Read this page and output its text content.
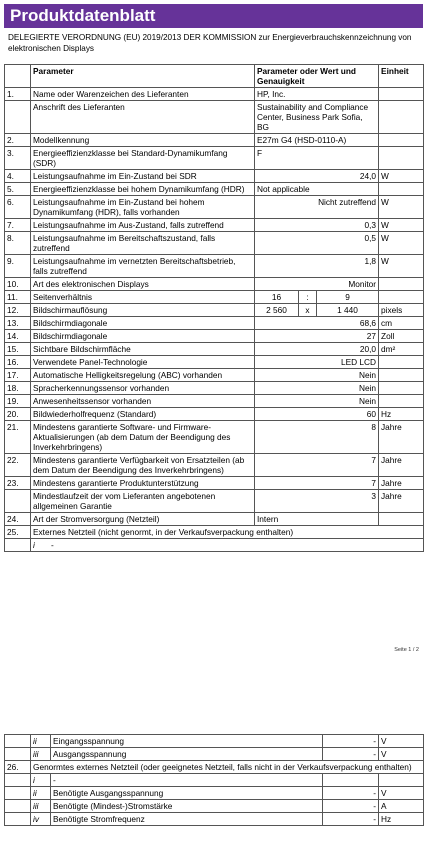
Produktdatenblatt
DELEGIERTE VERORDNUNG (EU) 2019/2013 DER KOMMISSION zur Energieverbrauchskennzeichnung von elektronischen Displays
	Parameter	Parameter oder Wert und Genauigkeit			Einheit
1.	Name oder Warenzeichen des Lieferanten	HP, Inc.			
	Anschrift des Lieferanten	Sustainability and Compliance Center, Business Park Sofia, BG			
2.	Modellkennung	E27m G4 (HSD-0110-A)			
3.	Energieeffizienzklasse bei Standard-Dynamikumfang (SDR)	F			
4.	Leistungsaufnahme im Ein-Zustand bei SDR	24,0			W
5.	Energieeffizienzklasse bei hohem Dynamikumfang (HDR)	Not applicable			
6.	Leistungsaufnahme im Ein-Zustand bei hohem Dynamikumfang (HDR), falls vorhanden	Nicht zutreffend			W
7.	Leistungsaufnahme im Aus-Zustand, falls zutreffend	0,3			W
8.	Leistungsaufnahme im Bereitschaftszustand, falls zutreffend	0,5			W
9.	Leistungsaufnahme im vernetzten Bereitschaftsbetrieb, falls zutreffend	1,8			W
10.	Art des elektronischen Displays	Monitor			
11.	Seitenverhältnis	16	:	9	
12.	Bildschirmauflösung	2 560	x	1 440	pixels
13.	Bildschirmdiagonale	68,6			cm
14.	Bildschirmdiagonale	27			Zoll
15.	Sichtbare Bildschirmfläche	20,0			dm²
16.	Verwendete Panel-Technologie	LED LCD			
17.	Automatische Helligkeitsregelung (ABC) vorhanden	Nein			
18.	Spracherkennungssensor vorhanden	Nein			
19.	Anwesenheitssensor vorhanden	Nein			
20.	Bildwiederholfrequenz (Standard)	60			Hz
21.	Mindestens garantierte Software- und Firmware-Aktualisierungen (ab dem Datum der Beendigung des Inverkehrbringens)	8			Jahre
22.	Mindestens garantierte Verfügbarkeit von Ersatzteilen (ab dem Datum der Beendigung des Inverkehrbringens)	7			Jahre
23.	Mindestens garantierte Produktunterstützung	7			Jahre
	Mindestlaufzeit der vom Lieferanten angebotenen allgemeinen Garantie	3			Jahre
24.	Art der Stromversorgung (Netzteil)	Intern			
25.	Externes Netzteil (nicht genormt, in der Verkaufsverpackung enthalten)				
	i -				
Seite 1 / 2
	ii	Eingangsspannung	-	V
	iii	Ausgangsspannung	-	V
26.	Genormtes externes Netzteil (oder geeignetes Netzteil, falls nicht in der Verkaufsverpackung enthalten)			
	i	-		
	ii	Benötigte Ausgangsspannung	-	V
	iii	Benötigte (Mindest-)Stromstärke	-	A
	iv	Benötigte Stromfrequenz	-	Hz
